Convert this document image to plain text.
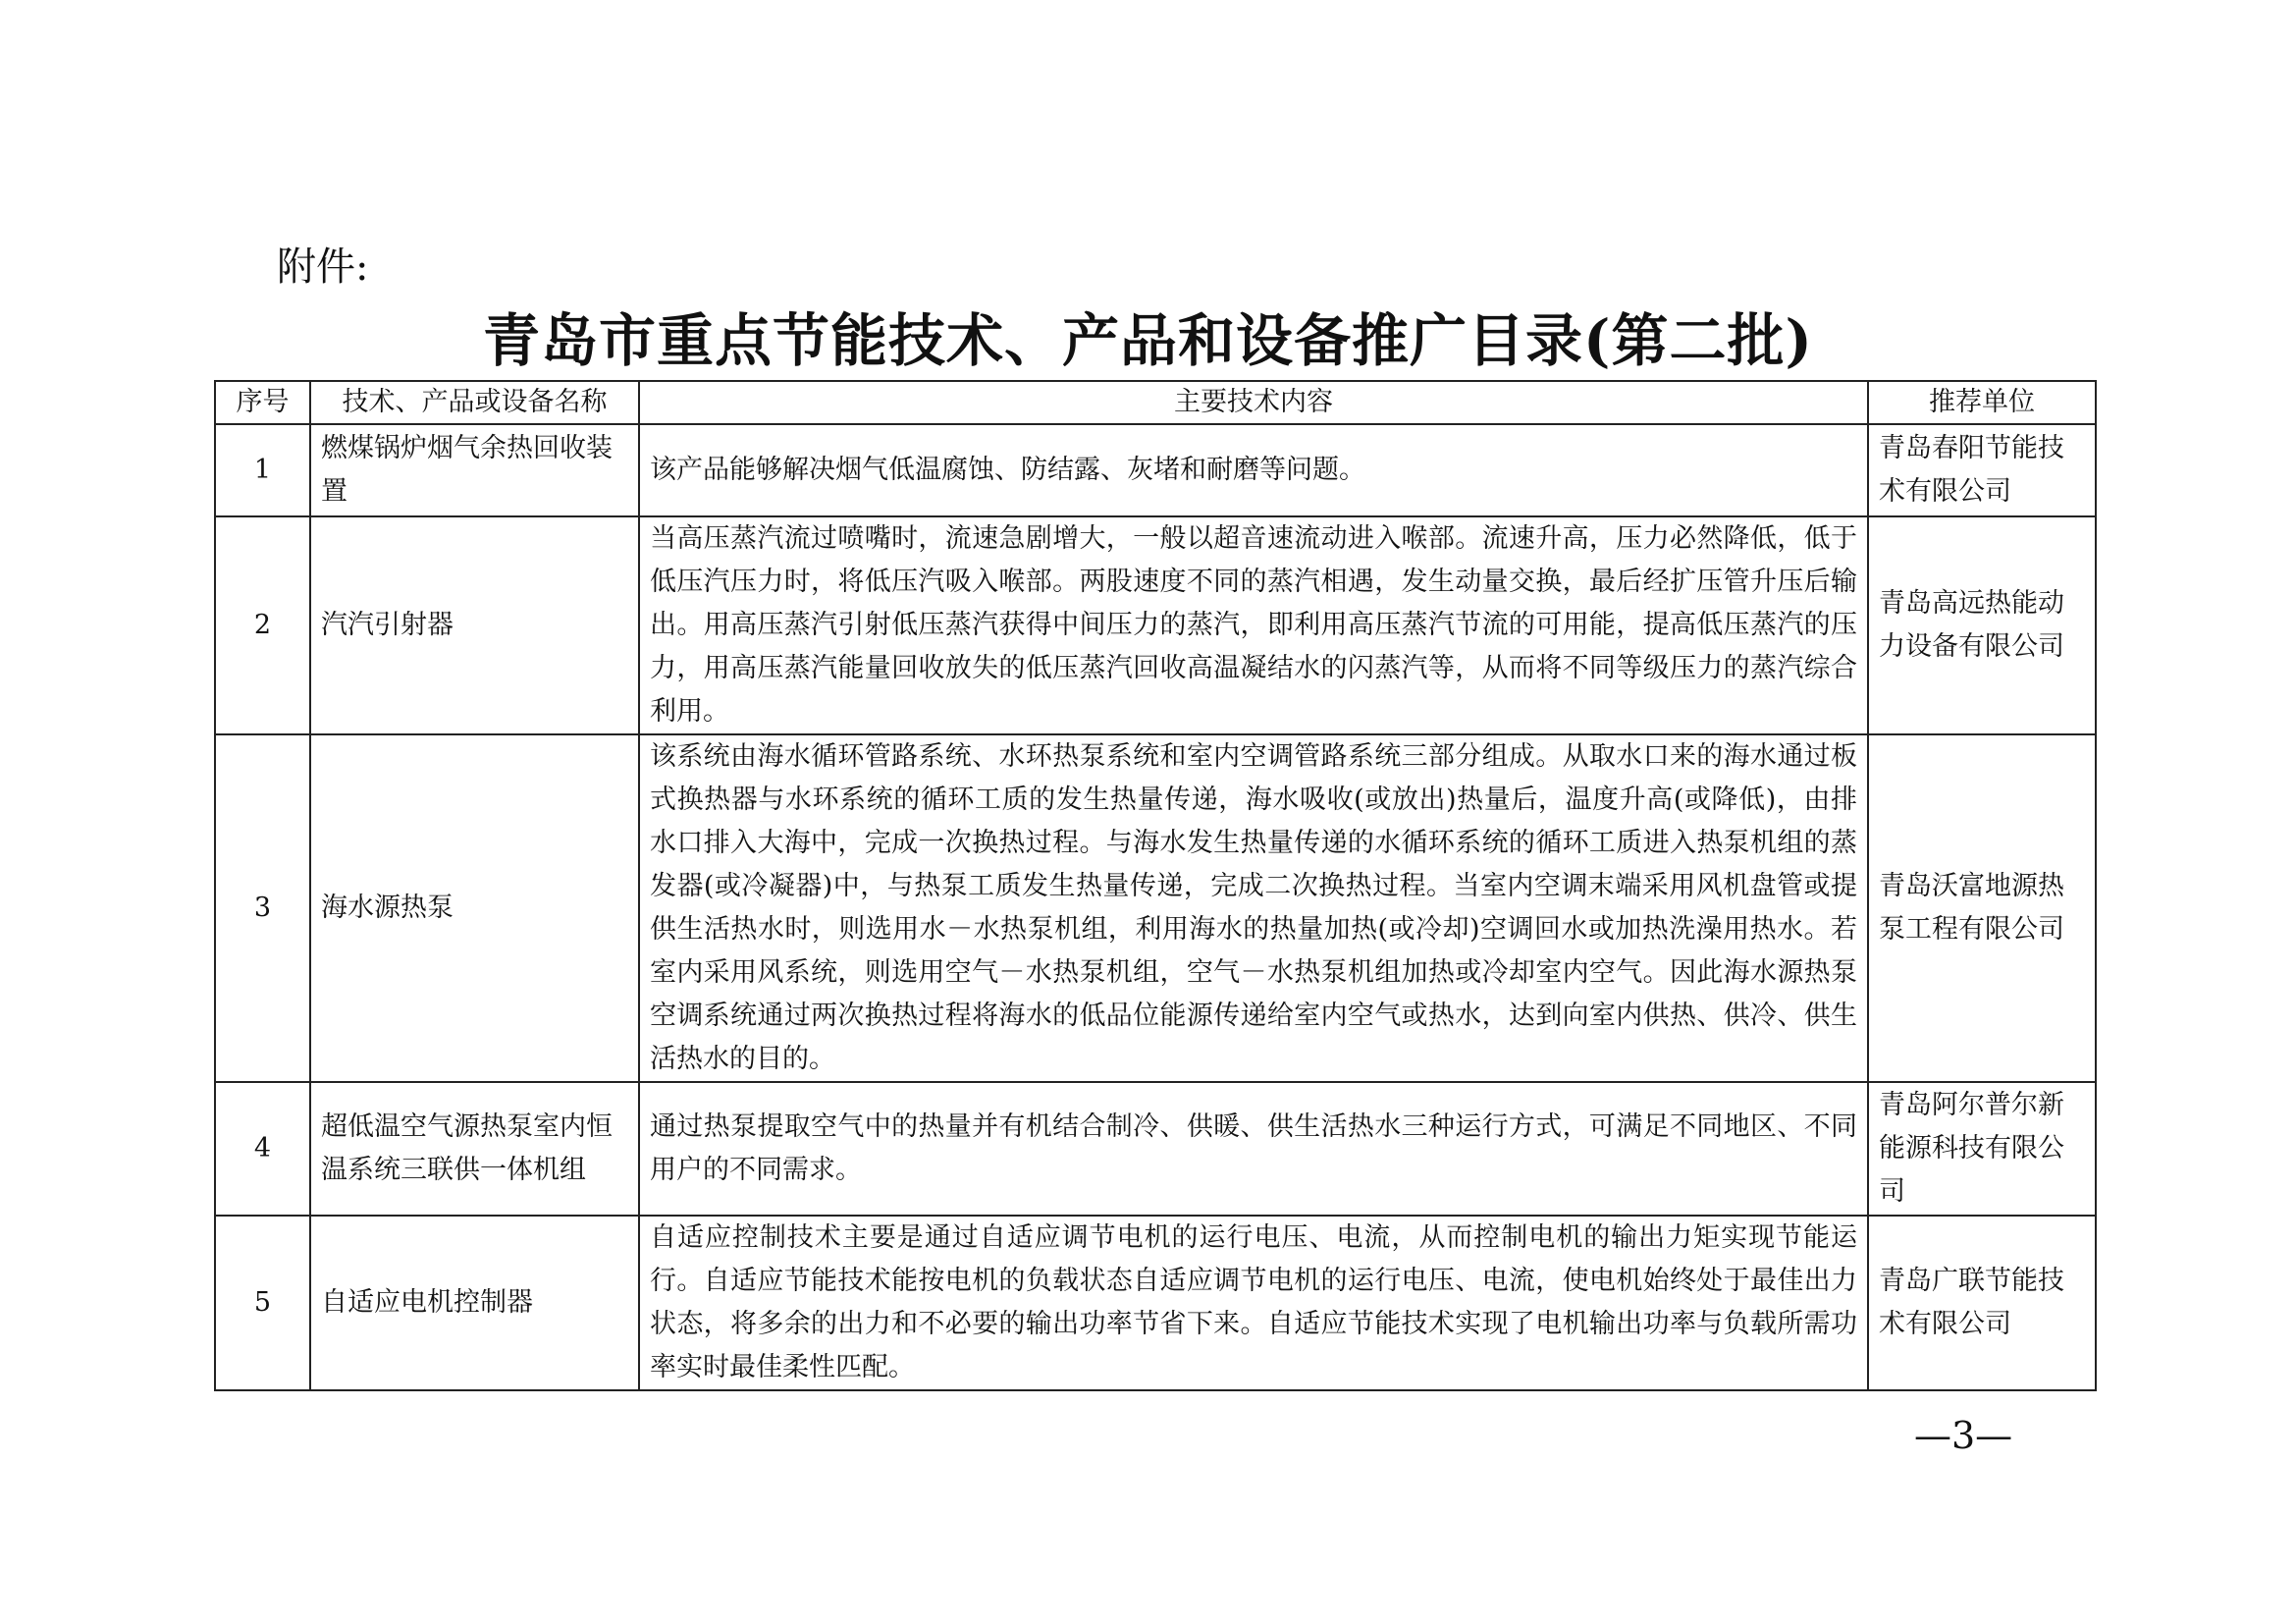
附件:
青岛市重点节能技术、产品和设备推广目录(第二批)
序号	技术、产品或设备名称	主要技术内容	推荐单位
1	燃煤锅炉烟气余热回收装置	该产品能够解决烟气低温腐蚀、防结露、灰堵和耐磨等问题。	青岛春阳节能技术有限公司
2	汽汽引射器	当高压蒸汽流过喷嘴时，流速急剧增大，一般以超音速流动进入喉部。流速升高，压力必然降低，低于低压汽压力时，将低压汽吸入喉部。两股速度不同的蒸汽相遇，发生动量交换，最后经扩压管升压后输出。用高压蒸汽引射低压蒸汽获得中间压力的蒸汽，即利用高压蒸汽节流的可用能，提高低压蒸汽的压力，用高压蒸汽能量回收放失的低压蒸汽回收高温凝结水的闪蒸汽等，从而将不同等级压力的蒸汽综合利用。	青岛高远热能动力设备有限公司
3	海水源热泵	该系统由海水循环管路系统、水环热泵系统和室内空调管路系统三部分组成。从取水口来的海水通过板式换热器与水环系统的循环工质的发生热量传递，海水吸收(或放出)热量后，温度升高(或降低)，由排水口排入大海中，完成一次换热过程。与海水发生热量传递的水循环系统的循环工质进入热泵机组的蒸发器(或冷凝器)中，与热泵工质发生热量传递，完成二次换热过程。当室内空调末端采用风机盘管或提供生活热水时，则选用水－水热泵机组，利用海水的热量加热(或冷却)空调回水或加热洗澡用热水。若室内采用风系统，则选用空气－水热泵机组，空气－水热泵机组加热或冷却室内空气。因此海水源热泵空调系统通过两次换热过程将海水的低品位能源传递给室内空气或热水，达到向室内供热、供冷、供生活热水的目的。	青岛沃富地源热泵工程有限公司
4	超低温空气源热泵室内恒温系统三联供一体机组	通过热泵提取空气中的热量并有机结合制冷、供暖、供生活热水三种运行方式，可满足不同地区、不同用户的不同需求。	青岛阿尔普尔新能源科技有限公司
5	自适应电机控制器	自适应控制技术主要是通过自适应调节电机的运行电压、电流，从而控制电机的输出力矩实现节能运行。自适应节能技术能按电机的负载状态自适应调节电机的运行电压、电流，使电机始终处于最佳出力状态，将多余的出力和不必要的输出功率节省下来。自适应节能技术实现了电机输出功率与负载所需功率实时最佳柔性匹配。	青岛广联节能技术有限公司
—3—
